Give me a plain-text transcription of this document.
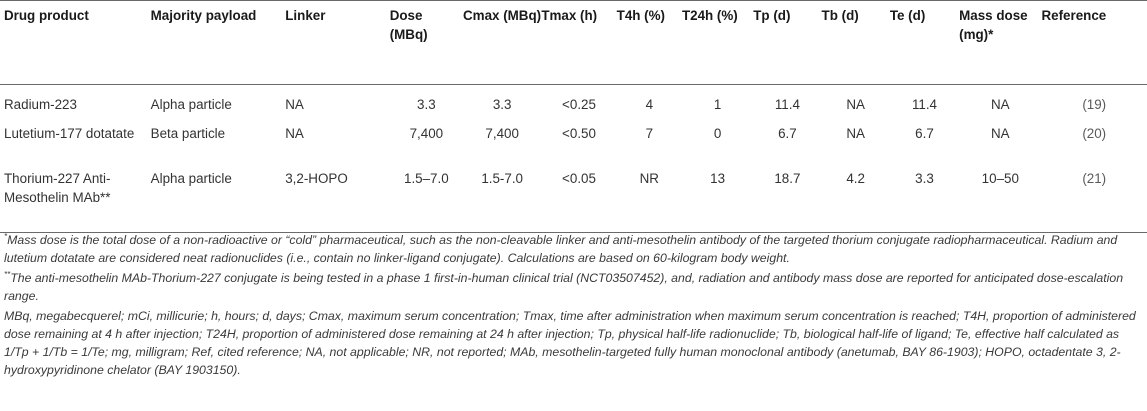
Drug product	Majority payload	Linker	Dose (MBq)	Cmax (MBq)	Tmax (h)	T4h (%)	T24h (%)	Tp (d)	Tb (d)	Te (d)	Mass dose (mg)*	Reference
Radium-223	Alpha particle	NA	3.3	3.3	<0.25	4	1	11.4	NA	11.4	NA	(19)
Lutetium-177 dotatate	Beta particle	NA	7,400	7,400	<0.50	7	0	6.7	NA	6.7	NA	(20)
Thorium-227 Anti-Mesothelin MAb**	Alpha particle	3,2-HOPO	1.5–7.0	1.5-7.0	<0.05	NR	13	18.7	4.2	3.3	10–50	(21)

*Mass dose is the total dose of a non-radioactive or “cold” pharmaceutical, such as the non-cleavable linker and anti-mesothelin antibody of the targeted thorium conjugate radiopharmaceutical. Radium and lutetium dotatate are considered neat radionuclides (i.e., contain no linker-ligand conjugate). Calculations are based on 60-kilogram body weight.

**The anti-mesothelin MAb-Thorium-227 conjugate is being tested in a phase 1 first-in-human clinical trial (NCT03507452), and, radiation and antibody mass dose are reported for anticipated dose-escalation range.

MBq, megabecquerel; mCi, millicurie; h, hours; d, days; Cmax, maximum serum concentration; Tmax, time after administration when maximum serum concentration is reached; T4H, proportion of administered dose remaining at 4 h after injection; T24H, proportion of administered dose remaining at 24 h after injection; Tp, physical half-life radionuclide; Tb, biological half-life of ligand; Te, effective half calculated as 1/Tp + 1/Tb = 1/Te; mg, milligram; Ref, cited reference; NA, not applicable; NR, not reported; MAb, mesothelin-targeted fully human monoclonal antibody (anetumab, BAY 86-1903); HOPO, octadentate 3, 2-hydroxypyridinone chelator (BAY 1903150).
